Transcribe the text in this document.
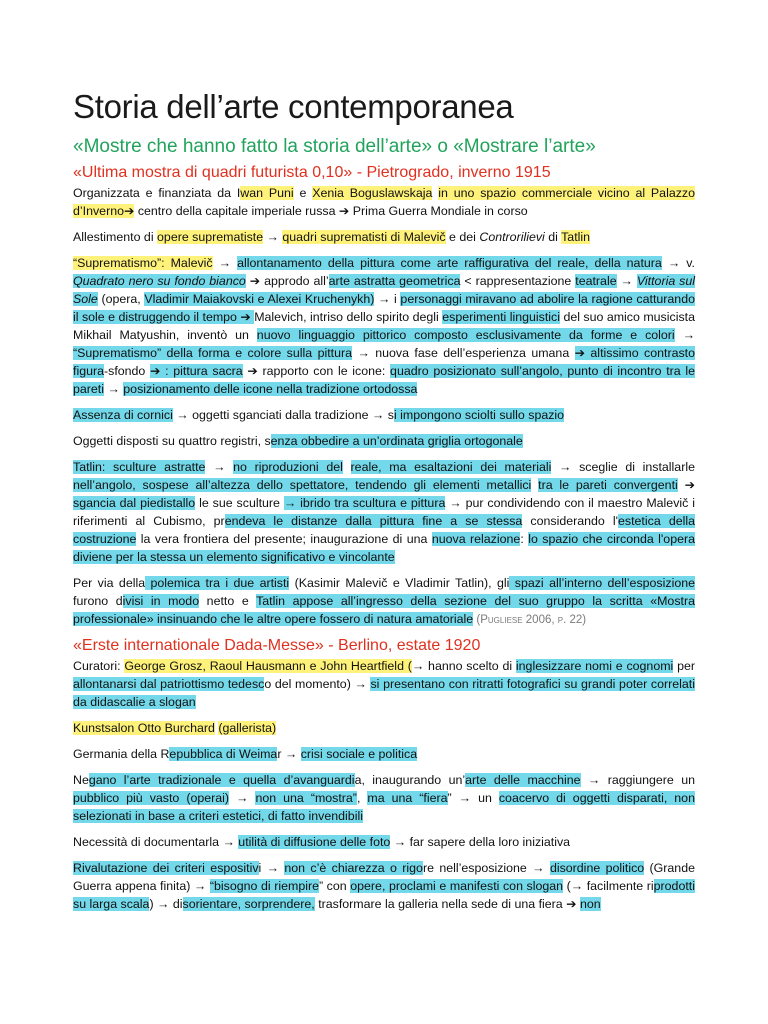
Storia dell’arte contemporanea
«Mostre che hanno fatto la storia dell’arte» o «Mostrare l’arte»
«Ultima mostra di quadri futurista 0,10» - Pietrogrado, inverno 1915

Organizzata e finanziata da Iwan Puni e Xenia Boguslawskaja in uno spazio commerciale vicino al Palazzo d’Inverno➔ centro della capitale imperiale russa ➔ Prima Guerra Mondiale in corso

Allestimento di opere suprematiste → quadri suprematisti di Malevič e dei Controrilievi di Tatlin

“Suprematismo”: Malevič → allontanamento della pittura come arte raffigurativa del reale, della natura → v. Quadrato nero su fondo bianco ➔ approdo all’arte astratta geometrica < rappresentazione teatrale → Vittoria sul Sole (opera, Vladimir Maiakovski e Alexei Kruchenykh) → i personaggi miravano ad abolire la ragione catturando il sole e distruggendo il tempo ➔ Malevich, intriso dello spirito degli esperimenti linguistici del suo amico musicista Mikhail Matyushin, inventò un nuovo linguaggio pittorico composto esclusivamente da forme e colori → “Suprematismo” della forma e colore sulla pittura → nuova fase dell’esperienza umana ➔ altissimo contrasto figura-sfondo ➔ : pittura sacra ➔ rapporto con le icone: quadro posizionato sull’angolo, punto di incontro tra le pareti → posizionamento delle icone nella tradizione ortodossa

Assenza di cornici → oggetti sganciati dalla tradizione → si impongono sciolti sullo spazio

Oggetti disposti su quattro registri, senza obbedire a un’ordinata griglia ortogonale

Tatlin: sculture astratte → no riproduzioni del reale, ma esaltazioni dei materiali → sceglie di installarle nell’angolo, sospese all’altezza dello spettatore, tendendo gli elementi metallici tra le pareti convergenti ➔ sgancia dal piedistallo le sue sculture → ibrido tra scultura e pittura → pur condividendo con il maestro Malevič i riferimenti al Cubismo, prendeva le distanze dalla pittura fine a se stessa considerando l'estetica della costruzione la vera frontiera del presente; inaugurazione di una nuova relazione: lo spazio che circonda l'opera diviene per la stessa un elemento significativo e vincolante

Per via della polemica tra i due artisti (Kasimir Malevič e Vladimir Tatlin), gli spazi all’interno dell’esposizione furono divisi in modo netto e Tatlin appose all’ingresso della sezione del suo gruppo la scritta «Mostra professionale» insinuando che le altre opere fossero di natura amatoriale (Pugliese 2006, p. 22)

«Erste internationale Dada-Messe» - Berlino, estate 1920

Curatori: George Grosz, Raoul Hausmann e John Heartfield (→ hanno scelto di inglesizzare nomi e cognomi per allontanarsi dal patriottismo tedesco del momento) → si presentano con ritratti fotografici su grandi poter correlati da didascalie a slogan

Kunstsalon Otto Burchard (gallerista)

Germania della Repubblica di Weimar → crisi sociale e politica

Negano l’arte tradizionale e quella d’avanguardia, inaugurando un’arte delle macchine → raggiungere un pubblico più vasto (operai) → non una “mostra”, ma una “fiera” → un coacervo di oggetti disparati, non selezionati in base a criteri estetici, di fatto invendibili

Necessità di documentarla → utilità di diffusione delle foto → far sapere della loro iniziativa

Rivalutazione dei criteri espositivi → non c’è chiarezza o rigore nell’esposizione → disordine politico (Grande Guerra appena finita) → “bisogno di riempire” con opere, proclami e manifesti con slogan (→ facilmente riprodotti su larga scala) → disorientare, sorprendere, trasformare la galleria nella sede di una fiera ➔ non
